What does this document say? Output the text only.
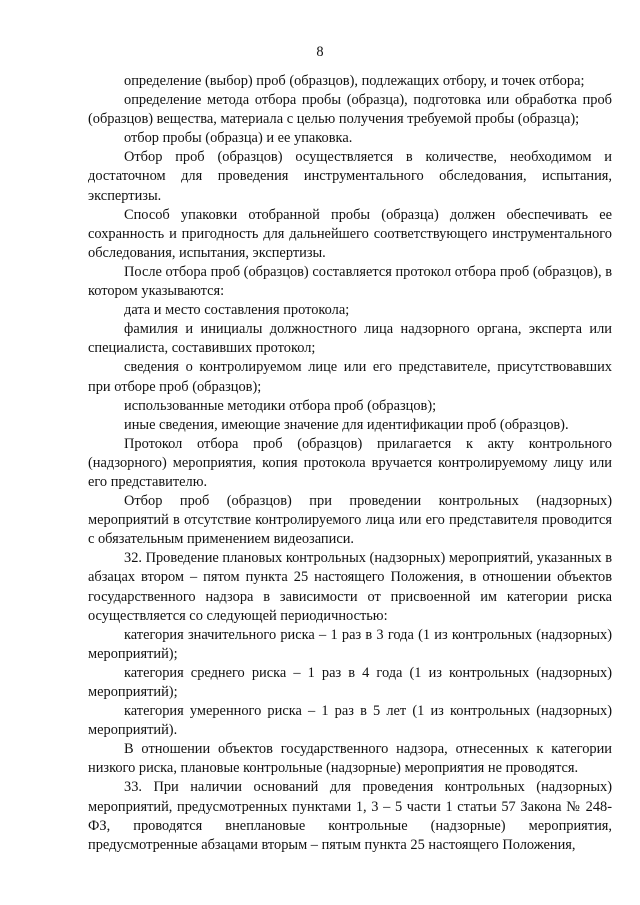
8

определение (выбор) проб (образцов), подлежащих отбору, и точек отбора;

определение метода отбора пробы (образца), подготовка или обработка проб (образцов) вещества, материала с целью получения требуемой пробы (образца);

отбор пробы (образца) и ее упаковка.

Отбор проб (образцов) осуществляется в количестве, необходимом и достаточном для проведения инструментального обследования, испытания, экспертизы.

Способ упаковки отобранной пробы (образца) должен обеспечивать ее сохранность и пригодность для дальнейшего соответствующего инструментального обследования, испытания, экспертизы.

После отбора проб (образцов) составляется протокол отбора проб (образцов), в котором указываются:

дата и место составления протокола;

фамилия и инициалы должностного лица надзорного органа, эксперта или специалиста, составивших протокол;

сведения о контролируемом лице или его представителе, присутствовавших при отборе проб (образцов);

использованные методики отбора проб (образцов);

иные сведения, имеющие значение для идентификации проб (образцов).

Протокол отбора проб (образцов) прилагается к акту контрольного (надзорного) мероприятия, копия протокола вручается контролируемому лицу или его представителю.

Отбор проб (образцов) при проведении контрольных (надзорных) мероприятий в отсутствие контролируемого лица или его представителя проводится с обязательным применением видеозаписи.

32. Проведение плановых контрольных (надзорных) мероприятий, указанных в абзацах втором – пятом пункта 25 настоящего Положения, в отношении объектов государственного надзора в зависимости от присвоенной им категории риска осуществляется со следующей периодичностью:

категория значительного риска – 1 раз в 3 года (1 из контрольных (надзорных) мероприятий);

категория среднего риска – 1 раз в 4 года (1 из контрольных (надзорных) мероприятий);

категория умеренного риска – 1 раз в 5 лет (1 из контрольных (надзорных) мероприятий).

В отношении объектов государственного надзора, отнесенных к категории низкого риска, плановые контрольные (надзорные) мероприятия не проводятся.

33. При наличии оснований для проведения контрольных (надзорных) мероприятий, предусмотренных пунктами 1, 3 – 5 части 1 статьи 57 Закона № 248-ФЗ, проводятся внеплановые контрольные (надзорные) мероприятия, предусмотренные абзацами вторым – пятым пункта 25 настоящего Положения,
